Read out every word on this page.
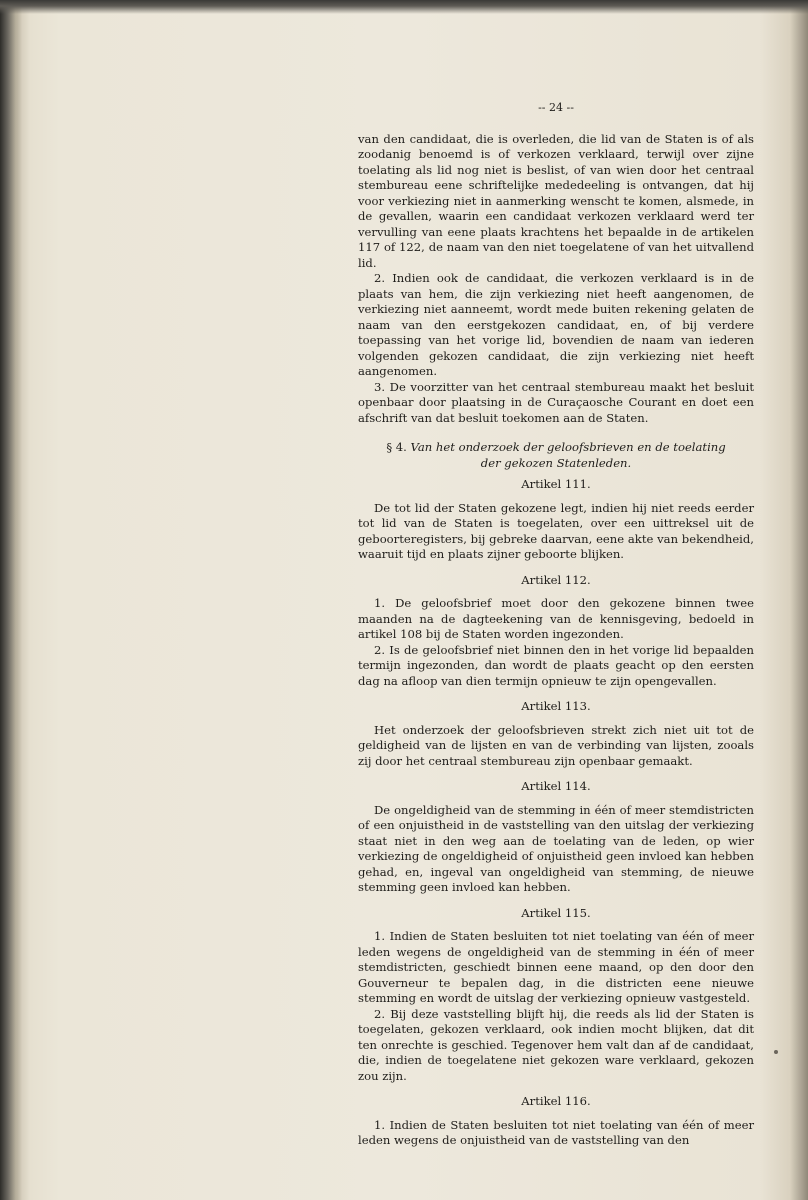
-- 24 --

van den candidaat, die is overleden, die lid van de Staten is of als zoodanig benoemd is of verkozen verklaard, terwijl over zijne toelating als lid nog niet is beslist, of van wien door het centraal stembureau eene schriftelijke mededeeling is ontvangen, dat hij voor verkiezing niet in aanmerking wenscht te komen, alsmede, in de gevallen, waarin een candidaat verkozen verklaard werd ter vervulling van eene plaats krachtens het bepaalde in de artikelen 117 of 122, de naam van den niet toegelatene of van het uitvallend lid.

2. Indien ook de candidaat, die verkozen verklaard is in de plaats van hem, die zijn verkiezing niet heeft aangenomen, de verkiezing niet aanneemt, wordt mede buiten rekening gelaten de naam van den eerstgekozen candidaat, en, of bij verdere toepassing van het vorige lid, bovendien de naam van iederen volgenden gekozen candidaat, die zijn verkiezing niet heeft aangenomen.

3. De voorzitter van het centraal stembureau maakt het besluit openbaar door plaatsing in de Curaçaosche Courant en doet een afschrift van dat besluit toekomen aan de Staten.

§ 4. Van het onderzoek der geloofsbrieven en de toelating
der gekozen Statenleden.
Artikel 111.

De tot lid der Staten gekozene legt, indien hij niet reeds eerder tot lid van de Staten is toegelaten, over een uittreksel uit de geboorteregisters, bij gebreke daarvan, eene akte van bekendheid, waaruit tijd en plaats zijner geboorte blijken.

Artikel 112.

1. De geloofsbrief moet door den gekozene binnen twee maanden na de dagteekening van de kennisgeving, bedoeld in artikel 108 bij de Staten worden ingezonden.

2. Is de geloofsbrief niet binnen den in het vorige lid bepaalden termijn ingezonden, dan wordt de plaats geacht op den eersten dag na afloop van dien termijn opnieuw te zijn opengevallen.

Artikel 113.

Het onderzoek der geloofsbrieven strekt zich niet uit tot de geldigheid van de lijsten en van de verbinding van lijsten, zooals zij door het centraal stembureau zijn openbaar gemaakt.

Artikel 114.

De ongeldigheid van de stemming in één of meer stemdistricten of een onjuistheid in de vaststelling van den uitslag der verkiezing staat niet in den weg aan de toelating van de leden, op wier verkiezing de ongeldigheid of onjuistheid geen invloed kan hebben gehad, en, ingeval van ongeldigheid van stemming, de nieuwe stemming geen invloed kan hebben.

Artikel 115.

1. Indien de Staten besluiten tot niet toelating van één of meer leden wegens de ongeldigheid van de stemming in één of meer stemdistricten, geschiedt binnen eene maand, op den door den Gouverneur te bepalen dag, in die districten eene nieuwe stemming en wordt de uitslag der verkiezing opnieuw vastgesteld.

2. Bij deze vaststelling blijft hij, die reeds als lid der Staten is toegelaten, gekozen verklaard, ook indien mocht blijken, dat dit ten onrechte is geschied. Tegenover hem valt dan af de candidaat, die, indien de toegelatene niet gekozen ware verklaard, gekozen zou zijn.

Artikel 116.

1. Indien de Staten besluiten tot niet toelating van één of meer leden wegens de onjuistheid van de vaststelling van den
